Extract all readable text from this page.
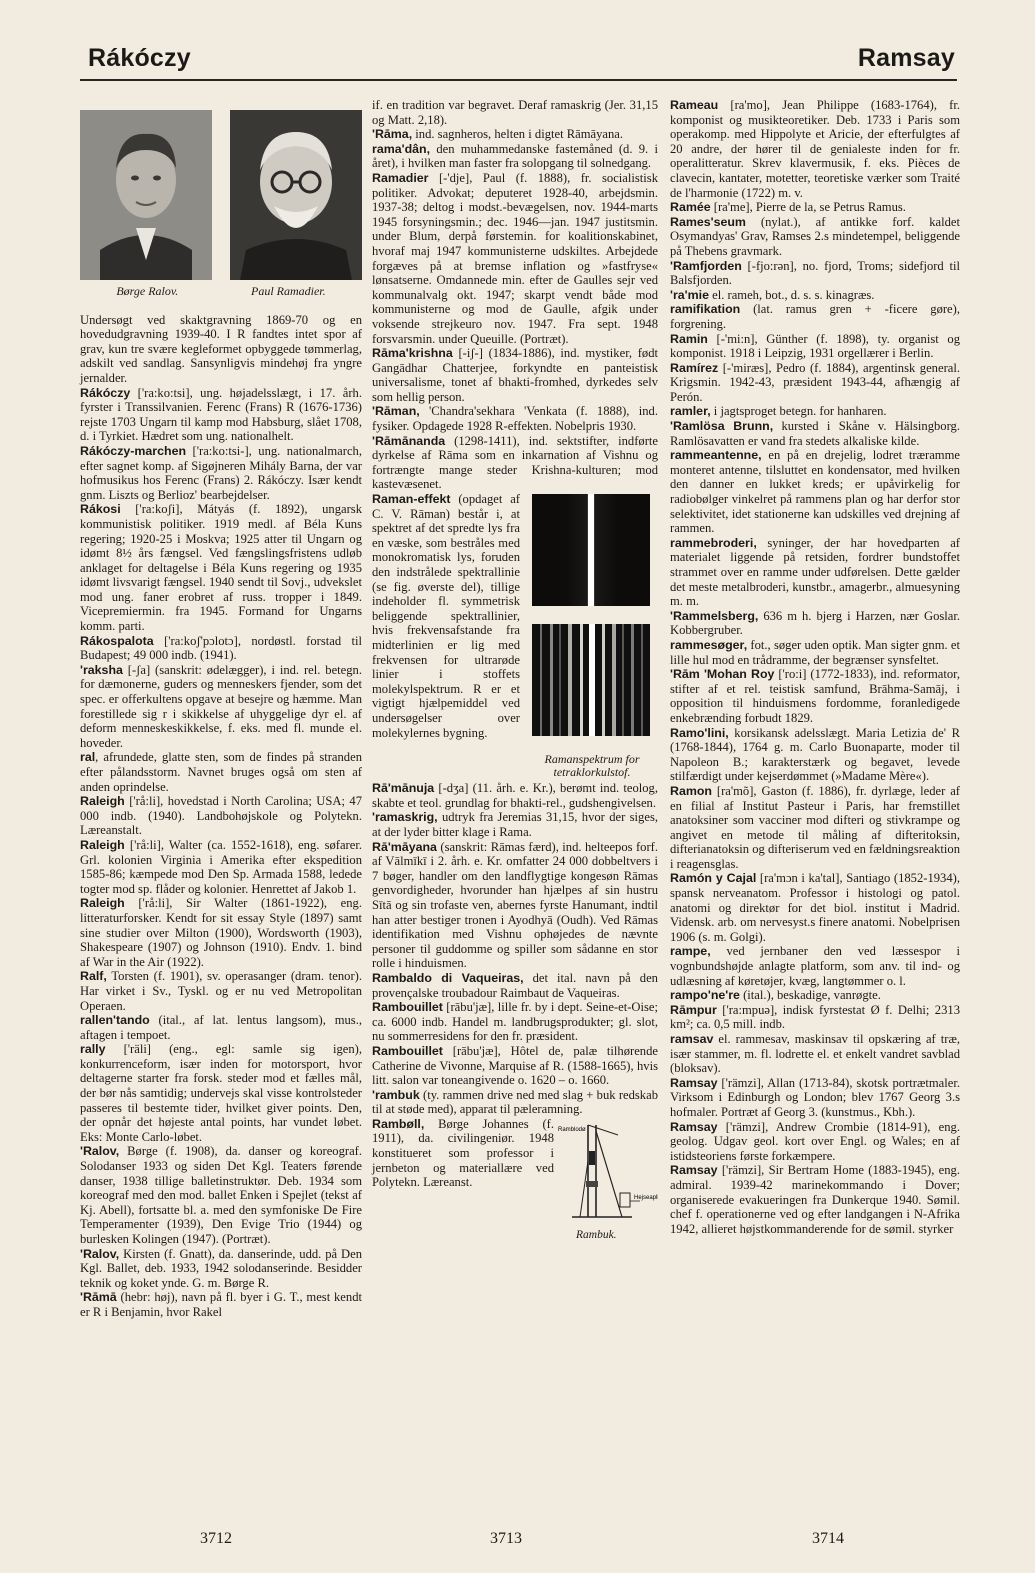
Rákóczy	Ramsay
Børge Ralov.	Paul Ramadier.

Undersøgt ved skaktgravning 1869-70 og en hovedudgravning 1939-40. I R fandtes intet spor af grav, kun tre svære kegleformet opbyggede tømmerlag, adskilt ved sandlag. Sansynligvis mindehøj fra yngre jernalder.

Rákóczy ['ra:ko:tsi], ung. højadelsslægt, i 17. årh. fyrster i Transsilvanien. Ferenc (Frans) R (1676-1736) rejste 1703 Ungarn til kamp mod Habsburg, slået 1708, d. i Tyrkiet. Hædret som ung. nationalhelt.

Rákóczy-marchen ['ra:ko:tsi-], ung. nationalmarch, efter sagnet komp. af Sigøjneren Mihály Barna, der var hofmusikus hos Ferenc (Frans) 2. Rákóczy. Især kendt gnm. Liszts og Berlioz' bearbejdelser.

Rákosi ['ra:koʃi], Mátyás (f. 1892), ungarsk kommunistisk politiker. 1919 medl. af Béla Kuns regering; 1920-25 i Moskva; 1925 atter til Ungarn og idømt 8½ års fængsel. Ved fængslingsfristens udløb anklaget for deltagelse i Béla Kuns regering og 1935 idømt livsvarigt fængsel. 1940 sendt til Sovj., udvekslet mod ung. faner erobret af russ. tropper i 1849. Vicepremiermin. fra 1945. Formand for Ungarns komm. parti.

Rákospalota ['ra:koʃ'pɔlotɔ], nordøstl. forstad til Budapest; 49 000 indb. (1941).

'raksha [-ʃa] (sanskrit: ødelægger), i ind. rel. betegn. for dæmonerne, guders og menneskers fjender, som det spec. er offerkultens opgave at besejre og hæmme. Man forestillede sig r i skikkelse af uhyggelige dyr el. af deform menneskeskikkelse, f. eks. med fl. munde el. hoveder.

ral, afrundede, glatte sten, som de findes på stranden efter pålandsstorm. Navnet bruges også om sten af anden oprindelse.

Raleigh ['rå:li], hovedstad i North Carolina; USA; 47 000 indb. (1940). Landbohøjskole og Polytekn. Læreanstalt.

Raleigh ['rå:li], Walter (ca. 1552-1618), eng. søfarer. Grl. kolonien Virginia i Amerika efter ekspedition 1585-86; kæmpede mod Den Sp. Armada 1588, ledede togter mod sp. flåder og kolonier. Henrettet af Jakob 1.

Raleigh ['rå:li], Sir Walter (1861-1922), eng. litteraturforsker. Kendt for sit essay Style (1897) samt sine studier over Milton (1900), Wordsworth (1903), Shakespeare (1907) og Johnson (1910). Endv. 1. bind af War in the Air (1922).

Ralf, Torsten (f. 1901), sv. operasanger (dram. tenor). Har virket i Sv., Tyskl. og er nu ved Metropolitan Operaen.

rallen'tando (ital., af lat. lentus langsom), mus., aftagen i tempoet.

rally ['räli] (eng., egl: samle sig igen), konkurrenceform, især inden for motorsport, hvor deltagerne starter fra forsk. steder mod et fælles mål, der bør nås samtidig; undervejs skal visse kontrolsteder passeres til bestemte tider, hvilket giver points. Den, der opnår det højeste antal points, har vundet løbet. Eks: Monte Carlo-løbet.

'Ralov, Børge (f. 1908), da. danser og koreograf. Solodanser 1933 og siden Det Kgl. Teaters førende danser, 1938 tillige balletinstruktør. Deb. 1934 som koreograf med den mod. ballet Enken i Spejlet (tekst af Kj. Abell), fortsatte bl. a. med den symfoniske De Fire Temperamenter (1939), Den Evige Trio (1944) og burlesken Kolingen (1947). (Portræt).

'Ralov, Kirsten (f. Gnatt), da. danserinde, udd. på Den Kgl. Ballet, deb. 1933, 1942 solodanserinde. Besidder teknik og koket ynde. G. m. Børge R.

'Rāmā (hebr: høj), navn på fl. byer i G. T., mest kendt er R i Benjamin, hvor Rakel

if. en tradition var begravet. Deraf ramaskrig (Jer. 31,15 og Matt. 2,18).

'Rāma, ind. sagnheros, helten i digtet Rāmāyana.

rama'dân, den muhammedanske fastemåned (d. 9. i året), i hvilken man faster fra solopgang til solnedgang.

Ramadier [-'dje], Paul (f. 1888), fr. socialistisk politiker. Advokat; deputeret 1928-40, arbejdsmin. 1937-38; deltog i modst.-bevægelsen, nov. 1944-marts 1945 forsyningsmin.; dec. 1946—jan. 1947 justitsmin. under Blum, derpå førstemin. for koalitionskabinet, hvoraf maj 1947 kommunisterne udskiltes. Arbejdede forgæves på at bremse inflation og »fastfryse« lønsatserne. Omdannede min. efter de Gaulles sejr ved kommunalvalg okt. 1947; skarpt vendt både mod kommunisterne og mod de Gaulle, afgik under voksende strejkeuro nov. 1947. Fra sept. 1948 forsvarsmin. under Queuille. (Portræt).

Rāma'krishna [-iʃ-] (1834-1886), ind. mystiker, født Gangādhar Chatterjee, forkyndte en panteistisk universalisme, tonet af bhakti-fromhed, dyrkedes selv som hellig person.

'Rāman, 'Chandra'sekhara 'Venkata (f. 1888), ind. fysiker. Opdagede 1928 R-effekten. Nobelpris 1930.

'Rāmānanda (1298-1411), ind. sektstifter, indførte dyrkelse af Rāma som en inkarnation af Vishnu og fortrængte mange steder Krishna-kulturen; mod kastevæsenet.

Ramanspektrum for tetraklorkulstof.

Raman-effekt (opdaget af C. V. Rāman) består i, at spektret af det spredte lys fra en væske, som bestråles med monokromatisk lys, foruden den indstrålede spektrallinie (se fig. øverste del), tillige indeholder fl. symmetrisk beliggende spektrallinier, hvis frekvensafstande fra midterlinien er lig med frekvensen for ultrarøde linier i stoffets molekylspektrum. R er et vigtigt hjælpemiddel ved undersøgelser over molekylernes bygning.

Rā'mānuja [-dʒa] (11. årh. e. Kr.), berømt ind. teolog, skabte et teol. grundlag for bhakti-rel., gudshengivelsen.

'ramaskrig, udtryk fra Jeremias 31,15, hvor der siges, at der lyder bitter klage i Rama.

Rā'māyana (sanskrit: Rāmas færd), ind. helteepos forf. af Vālmīkī i 2. årh. e. Kr. omfatter 24 000 dobbeltvers i 7 bøger, handler om den landflygtige kongesøn Rāmas genvordigheder, hvorunder han hjælpes af sin hustru Sītā og sin trofaste ven, abernes fyrste Hanumant, indtil han atter bestiger tronen i Ayodhyā (Oudh). Ved Rāmas identifikation med Vishnu ophøjedes de nævnte personer til guddomme og spiller som sådanne en stor rolle i hinduismen.

Rambaldo di Vaqueiras, det ital. navn på den provençalske troubadour Raimbaut de Vaqueiras.

Rambouillet [rābu'jæ], lille fr. by i dept. Seine-et-Oise; ca. 6000 indb. Handel m. landbrugsprodukter; gl. slot, nu sommerresidens for den fr. præsident.

Rambouillet [rābu'jæ], Hôtel de, palæ tilhørende Catherine de Vivonne, Marquise af R. (1588-1665), hvis litt. salon var toneangivende o. 1620 – o. 1660.

'rambuk (ty. rammen drive ned med slag + buk redskab til at støde med), apparat til pæleramning.

Ramblodø
Hejseapll
Rambuk.

Rambøll, Børge Johannes (f. 1911), da. civilingeniør. 1948 konstitueret som professor i jernbeton og materiallære ved Polytekn. Læreanst.

Rameau [ra'mo], Jean Philippe (1683-1764), fr. komponist og musikteoretiker. Deb. 1733 i Paris som operakomp. med Hippolyte et Aricie, der efterfulgtes af 20 andre, der hører til de genialeste inden for fr. operalitteratur. Skrev klavermusik, f. eks. Pièces de clavecin, kantater, motetter, teoretiske værker som Traité de l'harmonie (1722) m. v.

Ramée [ra'me], Pierre de la, se Petrus Ramus.

Rames'seum (nylat.), af antikke forf. kaldet Osymandyas' Grav, Ramses 2.s mindetempel, beliggende på Thebens gravmark.

'Ramfjorden [-fjo:rən], no. fjord, Troms; sidefjord til Balsfjorden.

'ra'mie el. rameh, bot., d. s. s. kinagræs.

ramifikation (lat. ramus gren + -ficere gøre), forgrening.

Ramin [-'mi:n], Günther (f. 1898), ty. organist og komponist. 1918 i Leipzig, 1931 orgellærer i Berlin.

Ramírez [-'miræs], Pedro (f. 1884), argentinsk general. Krigsmin. 1942-43, præsident 1943-44, afhængig af Perón.

ramler, i jagtsproget betegn. for hanharen.

'Ramlösa Brunn, kursted i Skåne v. Hälsingborg. Ramlösavatten er vand fra stedets alkaliske kilde.

rammeantenne, en på en drejelig, lodret træramme monteret antenne, tilsluttet en kondensator, med hvilken den danner en lukket kreds; er upåvirkelig for radiobølger vinkelret på rammens plan og har derfor stor selektivitet, idet stationerne kan udskilles ved drejning af rammen.

rammebroderi, syninger, der har hovedparten af materialet liggende på retsiden, fordrer bundstoffet strammet over en ramme under udførelsen. Dette gælder det meste metalbroderi, kunstbr., amagerbr., almuesyning m. m.

'Rammelsberg, 636 m h. bjerg i Harzen, nær Goslar. Kobbergruber.

rammesøger, fot., søger uden optik. Man sigter gnm. et lille hul mod en trådramme, der begrænser synsfeltet.

'Rām 'Mohan Roy ['ro:i] (1772-1833), ind. reformator, stifter af et rel. teistisk samfund, Brāhma-Samāj, i opposition til hinduismens fordomme, foranledigede enkebrænding forbudt 1829.

Ramo'lini, korsikansk adelsslægt. Maria Letizia de' R (1768-1844), 1764 g. m. Carlo Buonaparte, moder til Napoleon B.; karakterstærk og begavet, levede stilfærdigt under kejserdømmet (»Madame Mère«).

Ramon [ra'mõ], Gaston (f. 1886), fr. dyrlæge, leder af en filial af Institut Pasteur i Paris, har fremstillet anatoksiner som vacciner mod difteri og stivkrampe og angivet en metode til måling af difteritoksin, difterianatoksin og difteriserum ved en fældningsreaktion i reagensglas.

Ramón y Cajal [ra'mɔn i ka'tal], Santiago (1852-1934), spansk nerveanatom. Professor i histologi og patol. anatomi og direktør for det biol. institut i Madrid. Vidensk. arb. om nervesyst.s finere anatomi. Nobelprisen 1906 (s. m. Golgi).

rampe, ved jernbaner den ved læssespor i vognbundshøjde anlagte platform, som anv. til ind- og udlæsning af køretøjer, kvæg, langtømmer o. l.

rampo'ne're (ital.), beskadige, vanrøgte.

Rāmpur ['ra:mpuə], indisk fyrstestat Ø f. Delhi; 2313 km²; ca. 0,5 mill. indb.

ramsav el. rammesav, maskinsav til opskæring af træ, især stammer, m. fl. lodrette el. et enkelt vandret savblad (bloksav).

Ramsay ['rämzi], Allan (1713-84), skotsk portrætmaler. Virksom i Edinburgh og London; blev 1767 Georg 3.s hofmaler. Portræt af Georg 3. (kunstmus., Kbh.).

Ramsay ['rämzi], Andrew Crombie (1814-91), eng. geolog. Udgav geol. kort over Engl. og Wales; en af istidsteoriens første forkæmpere.

Ramsay ['rämzi], Sir Bertram Home (1883-1945), eng. admiral. 1939-42 marinekommando i Dover; organiserede evakueringen fra Dunkerque 1940. Sømil. chef f. operationerne ved og efter landgangen i N-Afrika 1942, allieret højstkommanderende for de sømil. styrker

3712	3713	3714
